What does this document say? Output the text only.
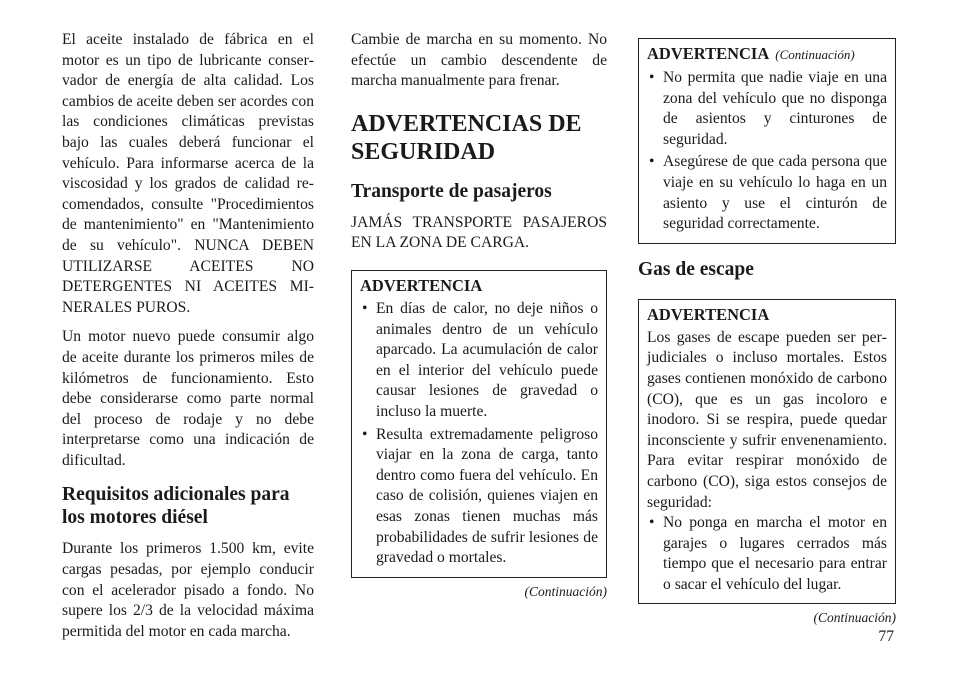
El aceite instalado de fábrica en el motor es un tipo de lubricante conservador de energía de alta calidad. Los cambios de aceite deben ser acordes con las condiciones climáticas previstas bajo las cuales deberá funcionar el vehículo. Para informarse acerca de la viscosidad y los grados de calidad recomendados, consulte "Procedimientos de mantenimiento" en "Mantenimiento de su vehículo". NUNCA DEBEN UTILIZARSE ACEITES NO DETERGENTES NI ACEITES MINERALES PUROS.

Un motor nuevo puede consumir algo de aceite durante los primeros miles de kilómetros de funcionamiento. Esto debe considerarse como parte normal del proceso de rodaje y no debe interpretarse como una indicación de dificultad.

Requisitos adicionales para los motores diésel

Durante los primeros 1.500 km, evite cargas pesadas, por ejemplo conducir con el acelerador pisado a fondo. No supere los 2/3 de la velocidad máxima permitida del motor en cada marcha.

Cambie de marcha en su momento. No efectúe un cambio descendente de marcha manualmente para frenar.

ADVERTENCIAS DE SEGURIDAD
Transporte de pasajeros

JAMÁS TRANSPORTE PASAJEROS EN LA ZONA DE CARGA.

ADVERTENCIA
• En días de calor, no deje niños o animales dentro de un vehículo aparcado. La acumulación de calor en el interior del vehículo puede causar lesiones de gravedad o incluso la muerte.
• Resulta extremadamente peligroso viajar en la zona de carga, tanto dentro como fuera del vehículo. En caso de colisión, quienes viajen en esas zonas tienen muchas más probabilidades de sufrir lesiones de gravedad o mortales.
(Continuación)
ADVERTENCIA (Continuación)
• No permita que nadie viaje en una zona del vehículo que no disponga de asientos y cinturones de seguridad.
• Asegúrese de que cada persona que viaje en su vehículo lo haga en un asiento y use el cinturón de seguridad correctamente.
Gas de escape
ADVERTENCIA

Los gases de escape pueden ser perjudiciales o incluso mortales. Estos gases contienen monóxido de carbono (CO), que es un gas incoloro e inodoro. Si se respira, puede quedar inconsciente y sufrir envenenamiento. Para evitar respirar monóxido de carbono (CO), siga estos consejos de seguridad:

• No ponga en marcha el motor en garajes o lugares cerrados más tiempo que el necesario para entrar o sacar el vehículo del lugar.
(Continuación)
77
